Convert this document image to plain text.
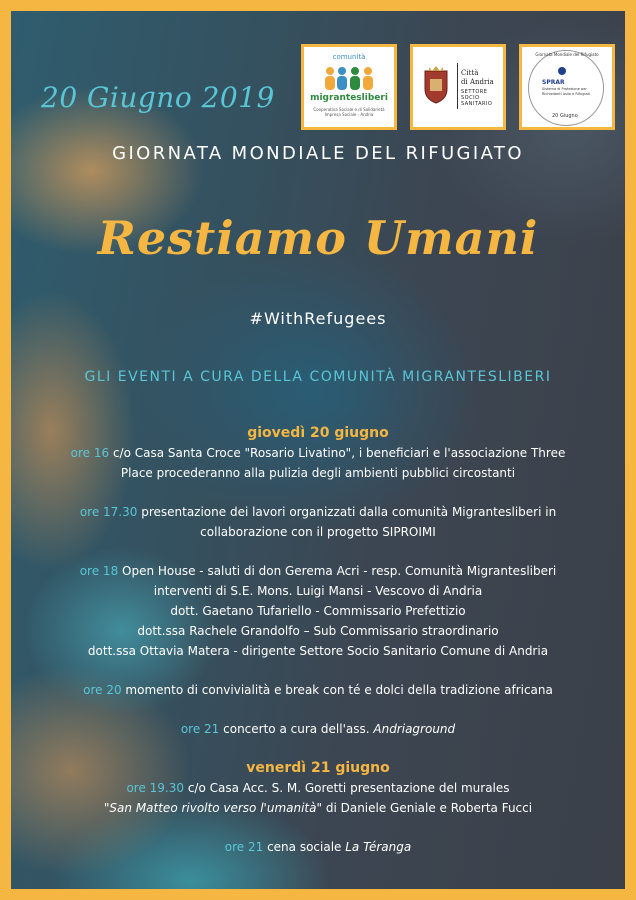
comunità
migrantesliberi
Cooperativa Sociale e di Solidarietà Impresa Sociale - Andria
Città
di Andria
SETTORE
SOCIO SANITARIO
Giornata Mondiale del Rifugiato
SPRAR
Sistema di Protezione per Richiedenti Asilo e Rifugiati
20 Giugno
20 Giugno 2019
GIORNATA MONDIALE DEL RIFUGIATO
Restiamo Umani
#WithRefugees
GLI EVENTI A CURA DELLA COMUNITÀ MIGRANTESLIBERI

giovedì 20 giugno

ore 16 c/o Casa Santa Croce "Rosario Livatino", i beneficiari e l'associazione Three
Place procederanno alla pulizia degli ambienti pubblici circostanti

ore 17.30 presentazione dei lavori organizzati dalla comunità Migrantesliberi in
collaborazione con il progetto SIPROIMI

ore 18 Open House - saluti di don Gerema Acri - resp. Comunità Migrantesliberi
interventi di S.E. Mons. Luigi Mansi - Vescovo di Andria
dott. Gaetano Tufariello - Commissario Prefettizio
dott.ssa Rachele Grandolfo – Sub Commissario straordinario
dott.ssa Ottavia Matera - dirigente Settore Socio Sanitario Comune di Andria

ore 20 momento di convivialità e break con té e dolci della tradizione africana

ore 21 concerto a cura dell'ass. Andriaground

venerdì 21 giugno

ore 19.30 c/o Casa Acc. S. M. Goretti presentazione del murales
"San Matteo rivolto verso l'umanità" di Daniele Geniale e Roberta Fucci

ore 21 cena sociale La Téranga
